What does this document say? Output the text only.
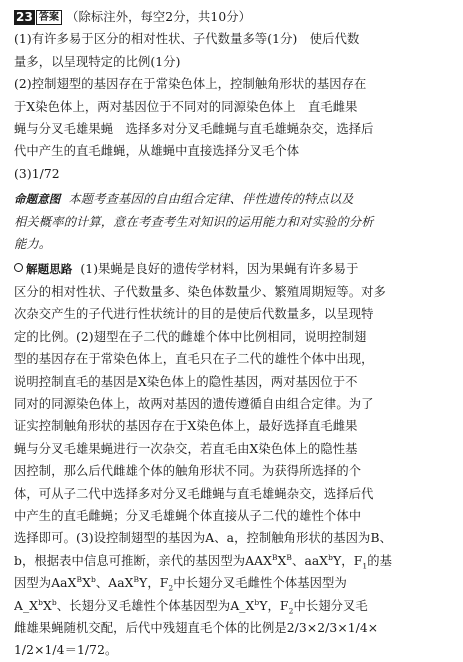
23 答案 （除标注外，每空2分，共10分）
(1)有许多易于区分的相对性状、子代数量多等(1分)　使后代数
量多，以呈现特定的比例(1分)
(2)控制翅型的基因存在于常染色体上，控制触角形状的基因存在
于X染色体上，两对基因位于不同对的同源染色体上　直毛雌果
蝇与分叉毛雄果蝇　选择多对分叉毛雌蝇与直毛雄蝇杂交，选择后
代中产生的直毛雌蝇，从雄蝇中直接选择分叉毛个体
(3)1/72
命题意图 本题考查基因的自由组合定律、伴性遗传的特点以及
相关概率的计算，意在考查考生对知识的运用能力和对实验的分析
能力。
解题思路 (1)果蝇是良好的遗传学材料，因为果蝇有许多易于
区分的相对性状、子代数量多、染色体数量少、繁殖周期短等。对多
次杂交产生的子代进行性状统计的目的是使后代数量多，以呈现特
定的比例。(2)翅型在子二代的雌雄个体中比例相同，说明控制翅
型的基因存在于常染色体上，直毛只在子二代的雄性个体中出现，
说明控制直毛的基因是X染色体上的隐性基因，两对基因位于不
同对的同源染色体上，故两对基因的遗传遵循自由组合定律。为了
证实控制触角形状的基因存在于X染色体上，最好选择直毛雌果
蝇与分叉毛雄果蝇进行一次杂交，若直毛由X染色体上的隐性基
因控制，那么后代雌雄个体的触角形状不同。为获得所选择的个
体，可从子二代中选择多对分叉毛雌蝇与直毛雄蝇杂交，选择后代
中产生的直毛雌蝇；分叉毛雄蝇个体直接从子二代的雄性个体中
选择即可。(3)设控制翅型的基因为A、a，控制触角形状的基因为B、
b，根据表中信息可推断，亲代的基因型为$AAX^BX^B$、aaX$^b$Y，$F_1$的基
因型为$AaX^BX^b$、AaX$^B$Y，$F_2$中长翅分叉毛雌性个体基因型为
$A\_X^bX^b$、长翅分叉毛雄性个体基因型为$A\_X^bY$，$F_2$中长翅分叉毛
雌雄果蝇随机交配，后代中残翅直毛个体的比例是2/3×2/3×1/4×
1/2×1/4＝1/72。
